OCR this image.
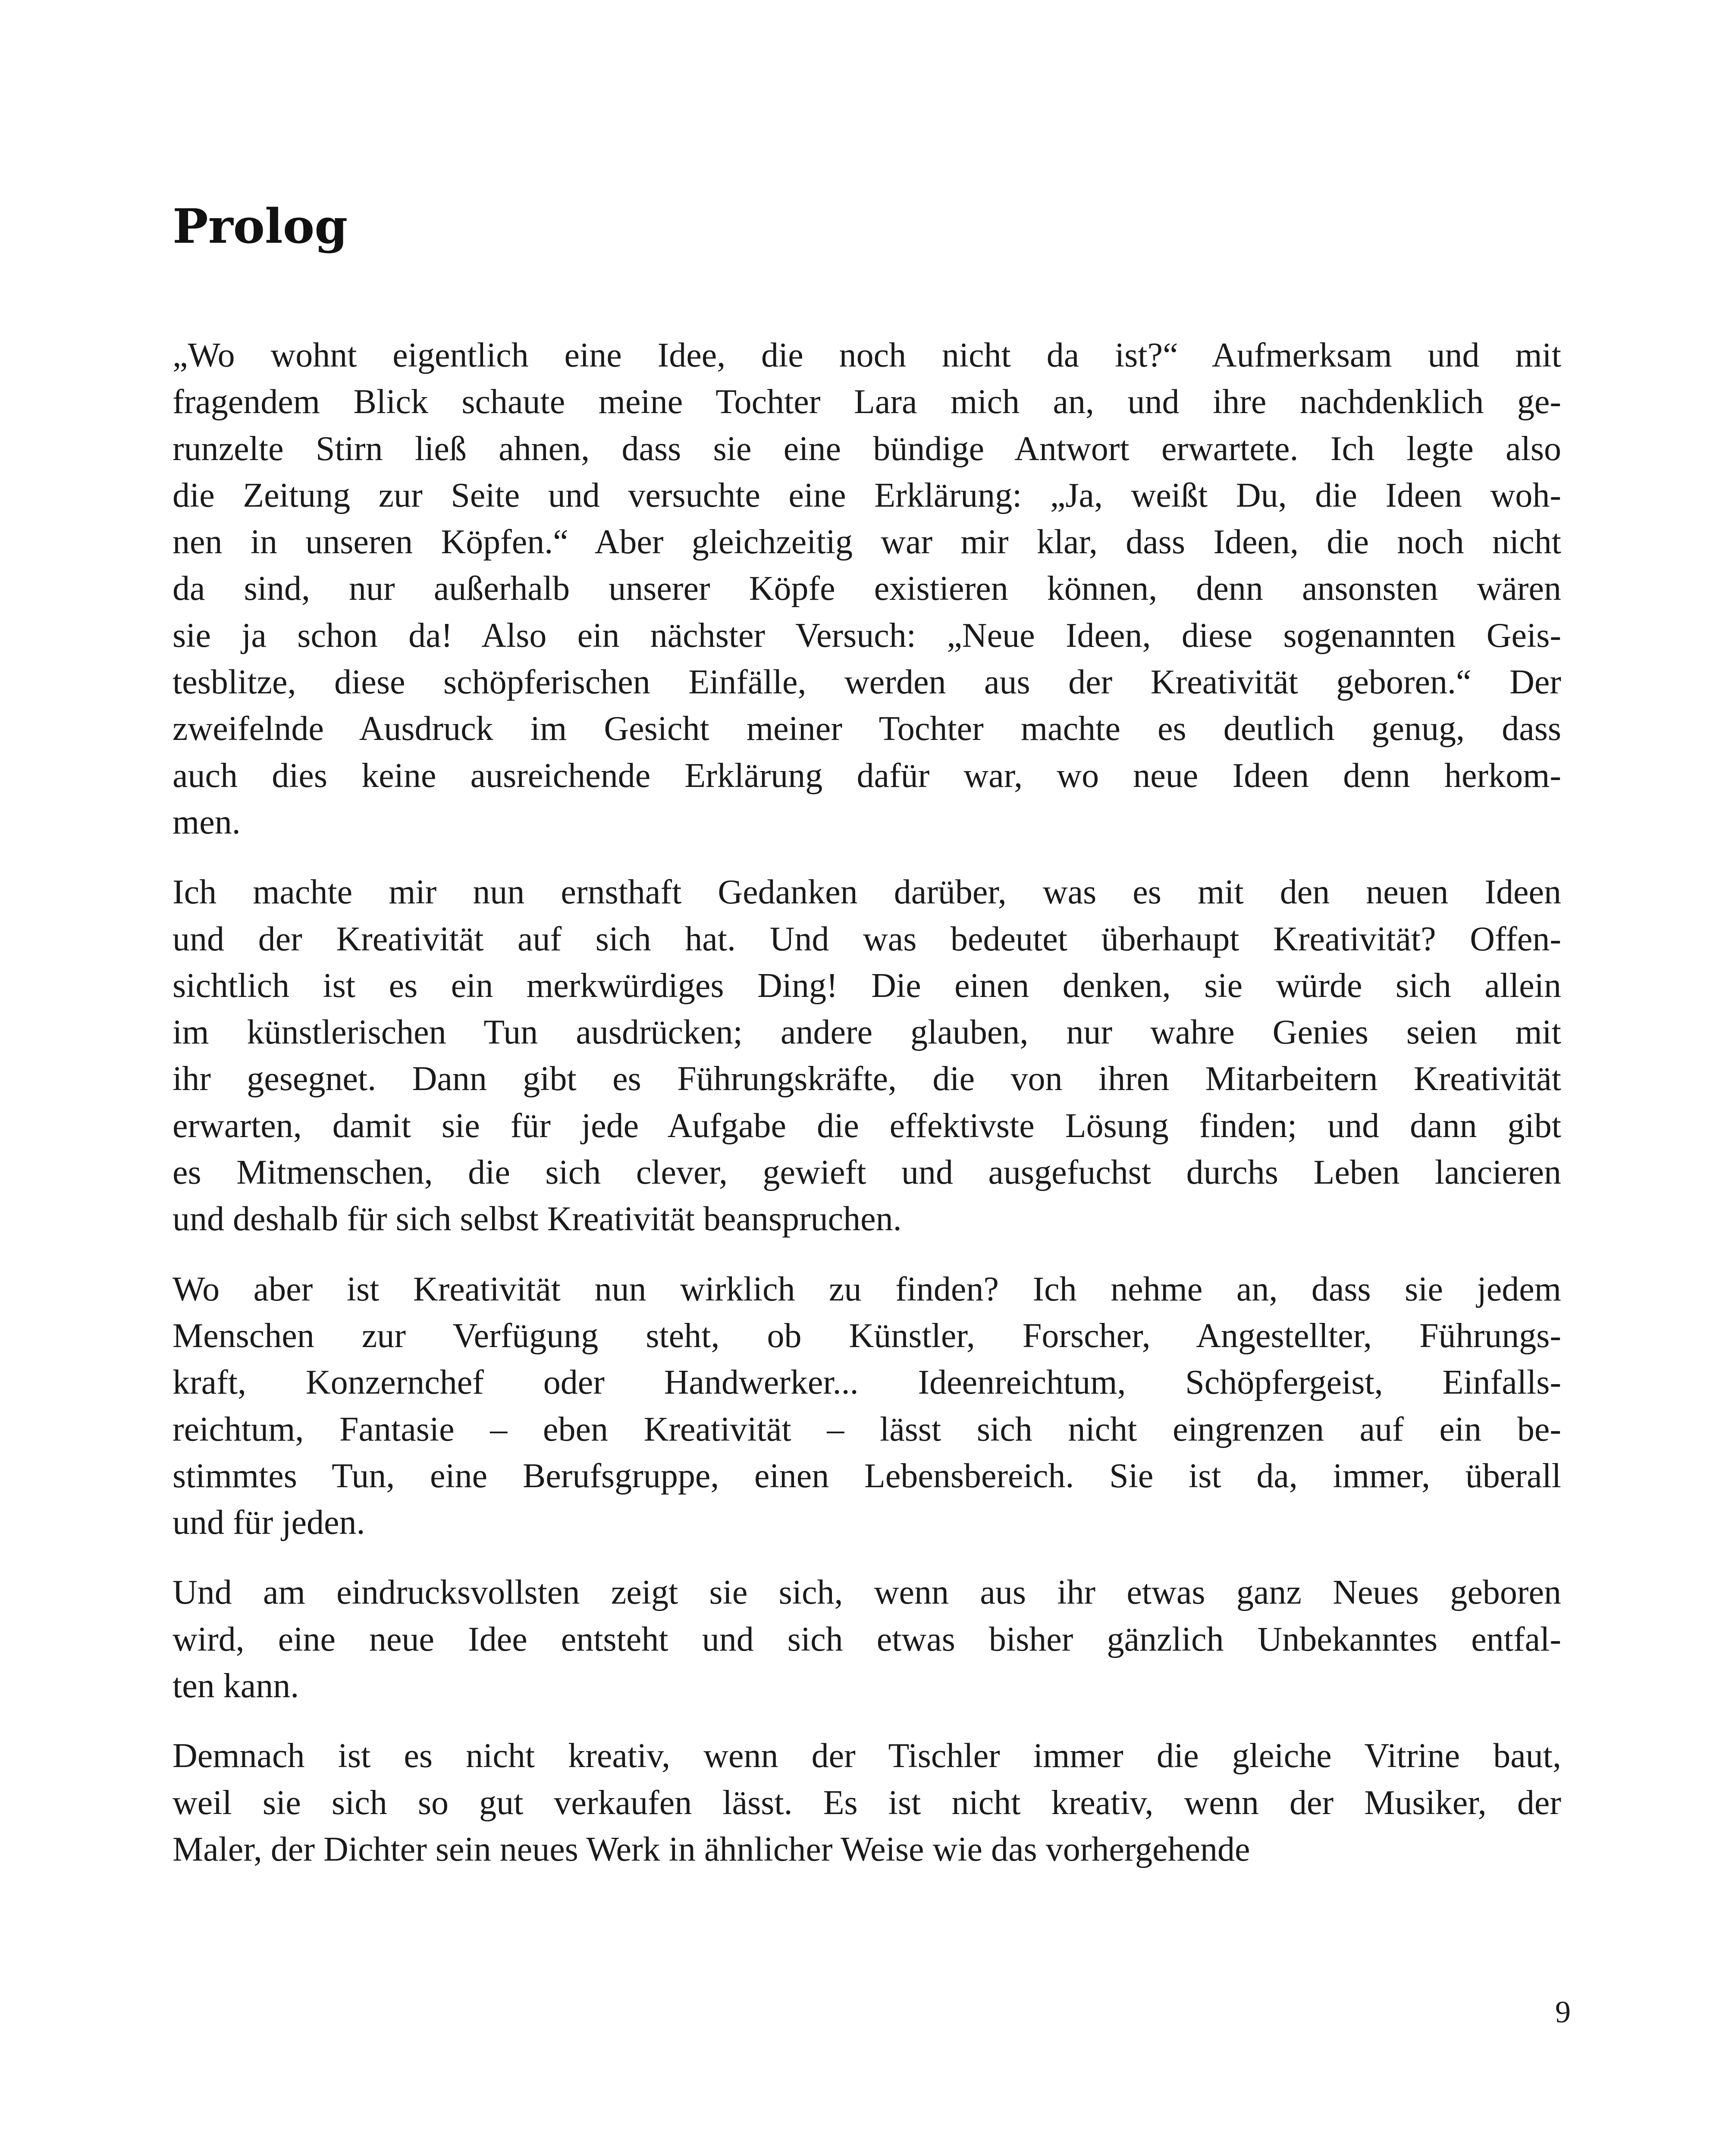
Prolog

„Wo wohnt eigentlich eine Idee, die noch nicht da ist?“ Aufmerksam und mit
fragendem Blick schaute meine Tochter Lara mich an, und ihre nachdenklich ge-
runzelte Stirn ließ ahnen, dass sie eine bündige Antwort erwartete. Ich legte also
die Zeitung zur Seite und versuchte eine Erklärung: „Ja, weißt Du, die Ideen woh-
nen in unseren Köpfen.“ Aber gleichzeitig war mir klar, dass Ideen, die noch nicht
da sind, nur außerhalb unserer Köpfe existieren können, denn ansonsten wären
sie ja schon da! Also ein nächster Versuch: „Neue Ideen, diese sogenannten Geis-
tesblitze, diese schöpferischen Einfälle, werden aus der Kreativität geboren.“ Der
zweifelnde Ausdruck im Gesicht meiner Tochter machte es deutlich genug, dass
auch dies keine ausreichende Erklärung dafür war, wo neue Ideen denn herkom-
men.

Ich machte mir nun ernsthaft Gedanken darüber, was es mit den neuen Ideen
und der Kreativität auf sich hat. Und was bedeutet überhaupt Kreativität? Offen-
sichtlich ist es ein merkwürdiges Ding! Die einen denken, sie würde sich allein
im künstlerischen Tun ausdrücken; andere glauben, nur wahre Genies seien mit
ihr gesegnet. Dann gibt es Führungskräfte, die von ihren Mitarbeitern Kreativität
erwarten, damit sie für jede Aufgabe die effektivste Lösung finden; und dann gibt
es Mitmenschen, die sich clever, gewieft und ausgefuchst durchs Leben lancieren
und deshalb für sich selbst Kreativität beanspruchen.

Wo aber ist Kreativität nun wirklich zu finden? Ich nehme an, dass sie jedem
Menschen zur Verfügung steht, ob Künstler, Forscher, Angestellter, Führungs-
kraft, Konzernchef oder Handwerker... Ideenreichtum, Schöpfergeist, Einfalls-
reichtum, Fantasie – eben Kreativität – lässt sich nicht eingrenzen auf ein be-
stimmtes Tun, eine Berufsgruppe, einen Lebensbereich. Sie ist da, immer, überall
und für jeden.

Und am eindrucksvollsten zeigt sie sich, wenn aus ihr etwas ganz Neues geboren
wird, eine neue Idee entsteht und sich etwas bisher gänzlich Unbekanntes entfal-
ten kann.

Demnach ist es nicht kreativ, wenn der Tischler immer die gleiche Vitrine baut,
weil sie sich so gut verkaufen lässt. Es ist nicht kreativ, wenn der Musiker, der
Maler, der Dichter sein neues Werk in ähnlicher Weise wie das vorhergehende

9
